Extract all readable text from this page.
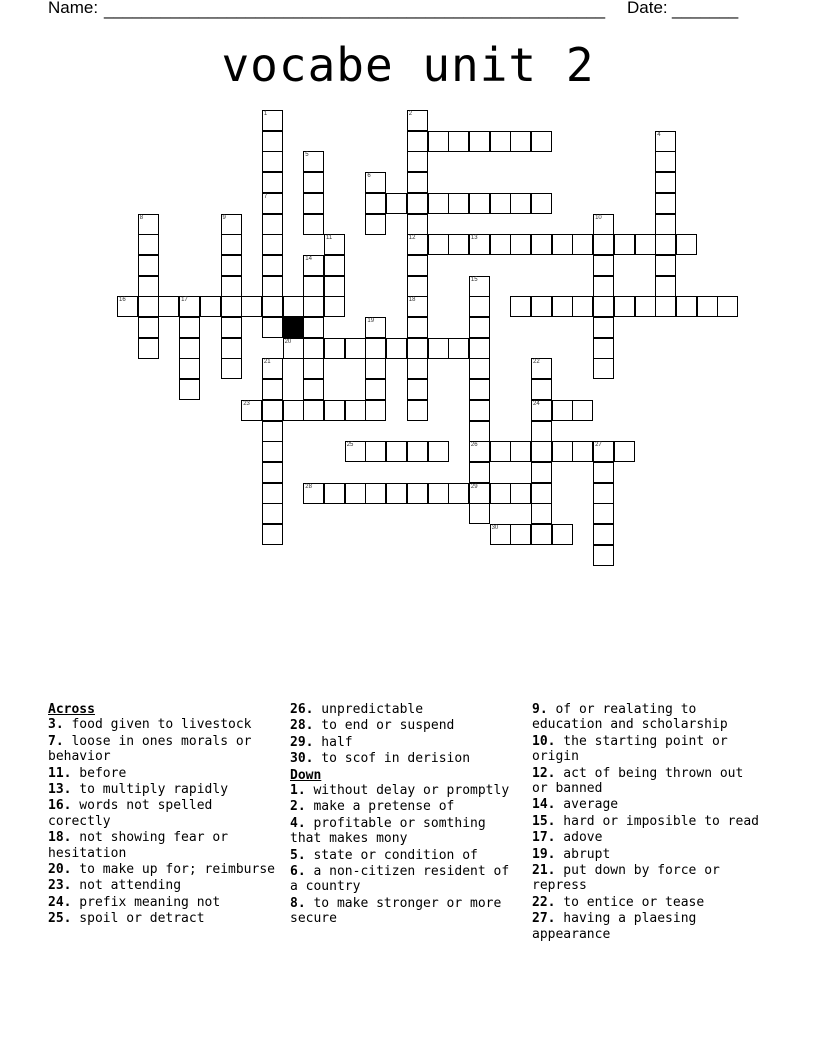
Name: _____________________________________________________ Date: _______
vocabe unit 2
13
16	17
20
23	24
25	26	27
28	29
30
1
7
2
4
5
6
8	9	10
11	12
18
14
15
19
21	22
Across
3. food given to livestock
7. loose in ones morals or behavior
11. before
13. to multiply rapidly
16. words not spelled corectly
18. not showing fear or hesitation
20. to make up for; reimburse
23. not attending
24. prefix meaning not
25. spoil or detract
26. unpredictable
28. to end or suspend
29. half
30. to scof in derision
Down
1. without delay or promptly
2. make a pretense of
4. profitable or somthing that makes mony
5. state or condition of
6. a non-citizen resident of a country
8. to make stronger or more secure
9. of or realating to education and scholarship
10. the starting point or origin
12. act of being thrown out or banned
14. average
15. hard or imposible to read
17. adove
19. abrupt
21. put down by force or repress
22. to entice or tease
27. having a plaesing appearance
